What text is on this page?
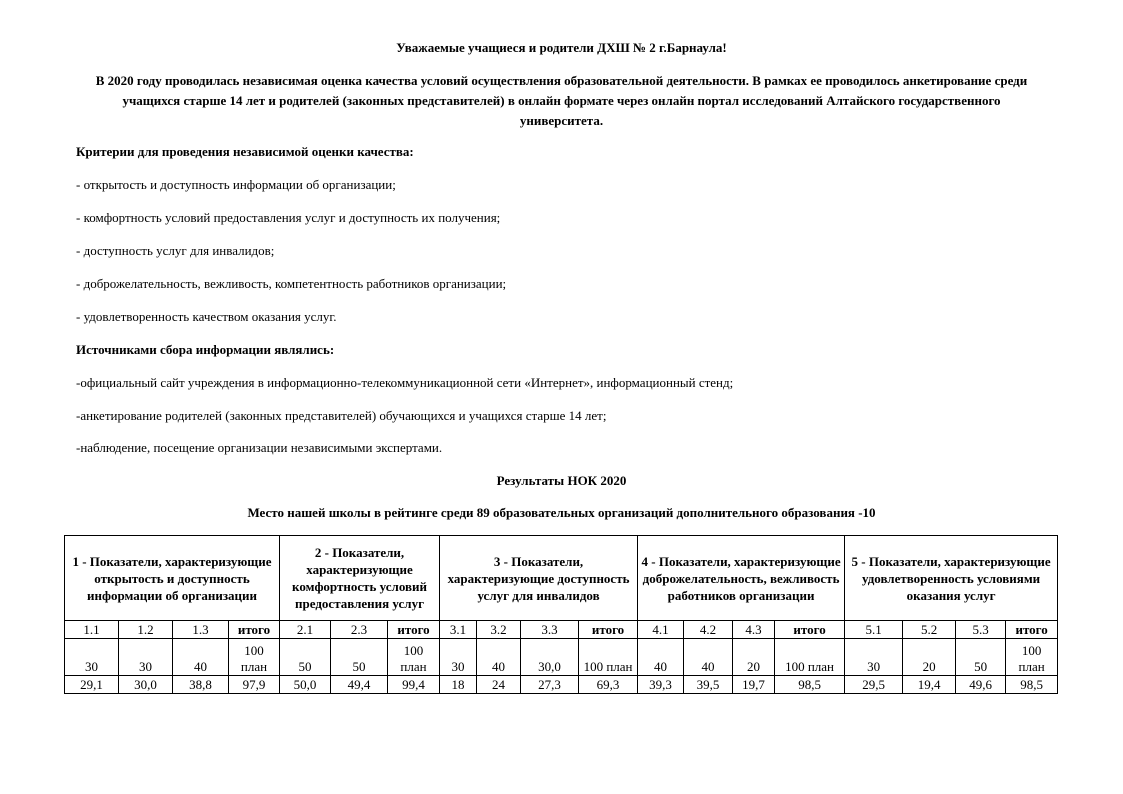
Уважаемые учащиеся и родители ДХШ № 2 г.Барнаула!
В 2020 году проводилась независимая оценка качества условий осуществления образовательной деятельности. В рамках ее проводилось анкетирование среди учащихся старше 14 лет и родителей (законных представителей) в онлайн формате через онлайн портал исследований Алтайского государственного университета.
Критерии для проведения независимой оценки качества:
- открытость и доступность информации об организации;
- комфортность условий предоставления услуг и доступность их получения;
- доступность услуг для инвалидов;
- доброжелательность, вежливость, компетентность работников организации;
- удовлетворенность качеством оказания услуг.
Источниками сбора информации являлись:
-официальный сайт учреждения в информационно-телекоммуникационной сети «Интернет», информационный стенд;
-анкетирование родителей (законных представителей) обучающихся и учащихся старше 14 лет;
-наблюдение, посещение организации независимыми экспертами.
Результаты НОК 2020
Место нашей школы в рейтинге среди 89 образовательных организаций дополнительного образования -10
1 - Показатели, характеризующие открытость и доступность информации об организации				2 - Показатели, характеризующие комфортность условий предоставления услуг			3 - Показатели, характеризующие доступность услуг для инвалидов				4 - Показатели, характеризующие доброжелательность, вежливость работников организации				5 - Показатели, характеризующие удовлетворенность условиями оказания услуг			
1.1	1.2	1.3	итого	2.1	2.3	итого	3.1	3.2	3.3	итого	4.1	4.2	4.3	итого	5.1	5.2	5.3	итого
30	30	40	100 план	50	50	100 план	30	40	30,0	100 план	40	40	20	100 план	30	20	50	100 план
29,1	30,0	38,8	97,9	50,0	49,4	99,4	18	24	27,3	69,3	39,3	39,5	19,7	98,5	29,5	19,4	49,6	98,5
